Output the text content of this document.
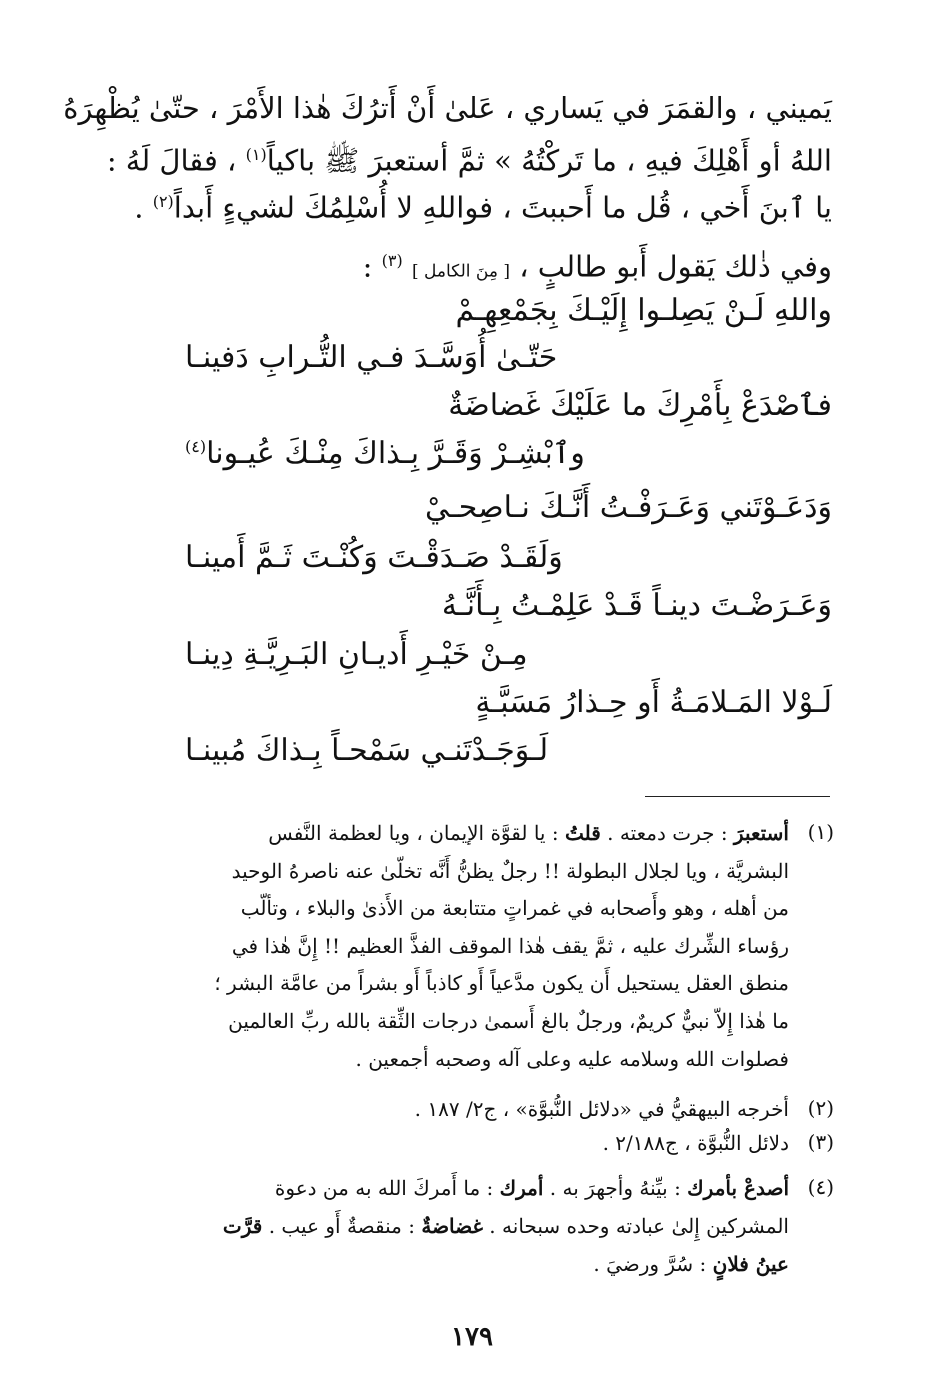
يَميني ، والقمَرَ في يَساري ، عَلىٰ أَنْ أَترُكَ هٰذا الأَمْرَ ، حتّىٰ يُظْهِرَهُ
اللهُ أو أَهْلِكَ فيهِ ، ما تَركْتُهُ » ثمَّ أستعبرَ ﷺ باكياً$^{(١)}$ ، فقالَ لَهُ :
يا ٱبنَ أَخي ، قُل ما أَحببتَ ، فواللهِ لا أُسْلِمُكَ لشيءٍ أَبداً$^{(٢)}$ .
وفي ذٰلك يَقول أَبو طالبٍ ، [ مِنَ الكامل ] $^{(٣)}$ :
واللهِ لَـنْ يَصِلـوا إِلَيْـكَ بِجَمْعِهِـمْ
حَتّـىٰ أُوَسَّـدَ فـي التُّـرابِ دَفينـا
فٱصْدَعْ بِأَمْرِكَ ما عَلَيْكَ غَضاضَةٌ
وٱبْشِـرْ وَقَـرَّ بِـذاكَ مِنْـكَ عُيـونا$^{(٤)}$
وَدَعَـوْتَني وَعَـرَفْـتُ أَنَّـكَ نـاصِحـيْ
وَلَقَـدْ صَـدَقْـتَ وَكُنْـتَ ثَـمَّ أَمينـا
وَعَـرَضْـتَ دينـاً قَـدْ عَلِمْـتُ بِـأَنَّـهُ
مِـنْ خَيْـرِ أَديـانِ البَـرِيَّـةِ دِينـا
لَـوْلا المَـلامَـةُ أَو حِـذارُ مَسَبَّـةٍ
لَـوَجَـدْتَنـي سَمْحـاً بِـذاكَ مُبينـا
(١)
أستعبرَ : جرت دمعته . قلتُ : يا لقوَّة الإيمان ، ويا لعظمة النَّفس
البشريَّة ، ويا لجلال البطولة !! رجلٌ يظنُّ أَنَّه تخلّىٰ عنه ناصرهُ الوحيد
من أهله ، وهو وأَصحابه في غمراتٍ متتابعة من الأَذىٰ والبلاء ، وتألّب
رؤساء الشِّرك عليه ، ثمَّ يقف هٰذا الموقف الفذَّ العظيم !! إِنَّ هٰذا في
منطق العقل يستحيل أَن يكون مدَّعياً أَو كاذباً أَو بشراً من عامَّة البشر ؛
ما هٰذا إِلاّ نبيٌّ كريمٌ، ورجلٌ بالغ أَسمىٰ درجات الثِّقة بالله ربِّ العالمين
فصلوات الله وسلامه عليه وعلى آله وصحبه أجمعين .
(٢)
أخرجه البيهقيُّ في «دلائل النُّبوَّة» ، ج٢/ ١٨٧ .
(٣)
دلائل النُّبوَّة ، ج٢/١٨٨ .
(٤)
أصدعْ بأمرك : بيِّنهُ وأجهرَ به . أمرك : ما أَمركَ الله به من دعوة
المشركين إِلىٰ عبادته وحده سبحانه . غضاضةٌ : منقصةٌ أَو عيب . قرَّت
عينُ فلانٍ : سُرَّ ورضيَ .
١٧٩
